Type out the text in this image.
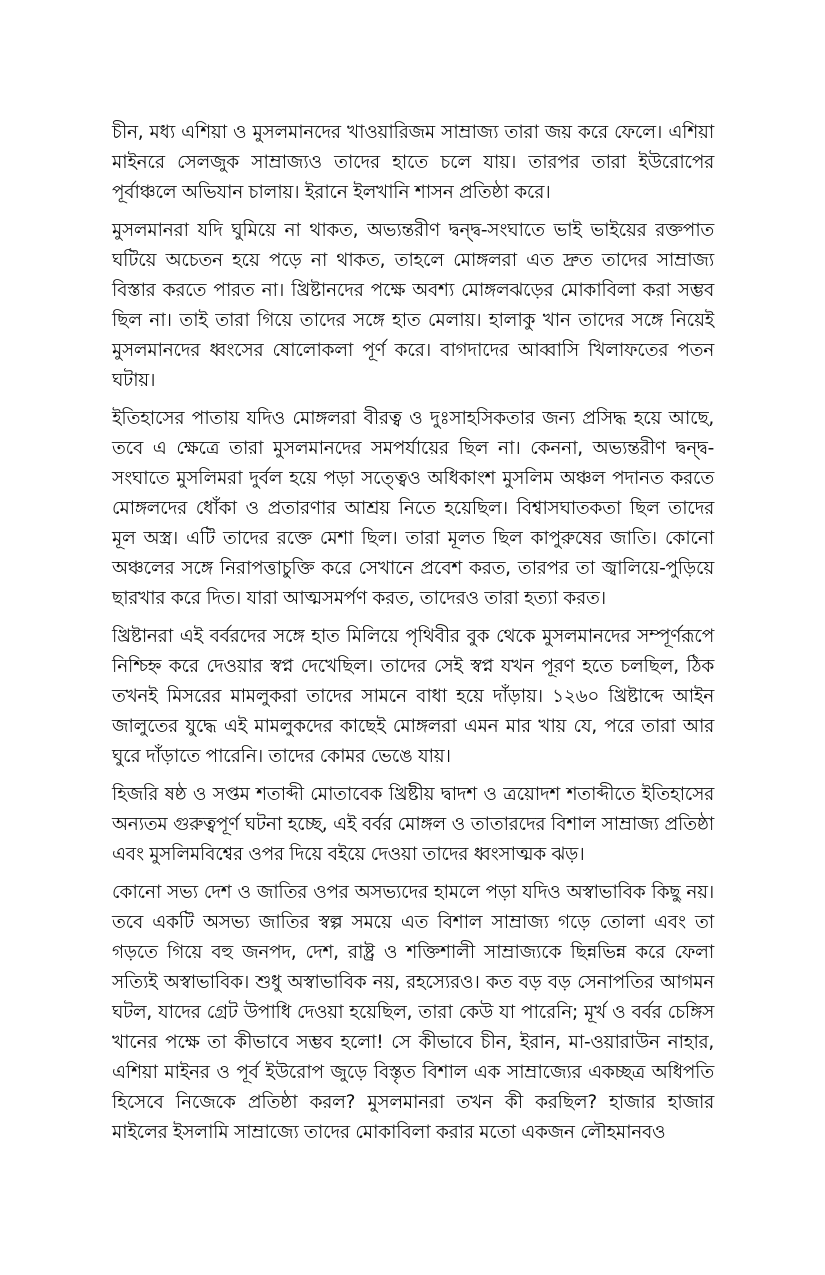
চীন, মধ্য এশিয়া ও মুসলমানদের খাওয়ারিজম সাম্রাজ্য তারা জয় করে ফেলে। এশিয়া মাইনরে সেলজুক সাম্রাজ্যও তাদের হাতে চলে যায়। তারপর তারা ইউরোপের পূর্বাঞ্চলে অভিযান চালায়। ইরানে ইলখানি শাসন প্রতিষ্ঠা করে।

মুসলমানরা যদি ঘুমিয়ে না থাকত, অভ্যন্তরীণ দ্বন্দ্ব-সংঘাতে ভাই ভাইয়ের রক্তপাত ঘটিয়ে অচেতন হয়ে পড়ে না থাকত, তাহলে মোঙ্গলরা এত দ্রুত তাদের সাম্রাজ্য বিস্তার করতে পারত না। খ্রিষ্টানদের পক্ষে অবশ্য মোঙ্গলঝড়ের মোকাবিলা করা সম্ভব ছিল না। তাই তারা গিয়ে তাদের সঙ্গে হাত মেলায়। হালাকু খান তাদের সঙ্গে নিয়েই মুসলমানদের ধ্বংসের ষোলোকলা পূর্ণ করে। বাগদাদের আব্বাসি খিলাফতের পতন ঘটায়।

ইতিহাসের পাতায় যদিও মোঙ্গলরা বীরত্ব ও দুঃসাহসিকতার জন্য প্রসিদ্ধ হয়ে আছে, তবে এ ক্ষেত্রে তারা মুসলমানদের সমপর্যায়ের ছিল না। কেননা, অভ্যন্তরীণ দ্বন্দ্ব-সংঘাতে মুসলিমরা দুর্বল হয়ে পড়া সত্ত্বেও অধিকাংশ মুসলিম অঞ্চল পদানত করতে মোঙ্গলদের ধোঁকা ও প্রতারণার আশ্রয় নিতে হয়েছিল। বিশ্বাসঘাতকতা ছিল তাদের মূল অস্ত্র। এটি তাদের রক্তে মেশা ছিল। তারা মূলত ছিল কাপুরুষের জাতি। কোনো অঞ্চলের সঙ্গে নিরাপত্তাচুক্তি করে সেখানে প্রবেশ করত, তারপর তা জ্বালিয়ে-পুড়িয়ে ছারখার করে দিত। যারা আত্মসমর্পণ করত, তাদেরও তারা হত্যা করত।

খ্রিষ্টানরা এই বর্বরদের সঙ্গে হাত মিলিয়ে পৃথিবীর বুক থেকে মুসলমানদের সম্পূর্ণরূপে নিশ্চিহ্ন করে দেওয়ার স্বপ্ন দেখেছিল। তাদের সেই স্বপ্ন যখন পূরণ হতে চলছিল, ঠিক তখনই মিসরের মামলুকরা তাদের সামনে বাধা হয়ে দাঁড়ায়। ১২৬০ খ্রিষ্টাব্দে আইন জালুতের যুদ্ধে এই মামলুকদের কাছেই মোঙ্গলরা এমন মার খায় যে, পরে তারা আর ঘুরে দাঁড়াতে পারেনি। তাদের কোমর ভেঙে যায়।

হিজরি ষষ্ঠ ও সপ্তম শতাব্দী মোতাবেক খ্রিষ্টীয় দ্বাদশ ও ত্রয়োদশ শতাব্দীতে ইতিহাসের অন্যতম গুরুত্বপূর্ণ ঘটনা হচ্ছে, এই বর্বর মোঙ্গল ও তাতারদের বিশাল সাম্রাজ্য প্রতিষ্ঠা এবং মুসলিমবিশ্বের ওপর দিয়ে বইয়ে দেওয়া তাদের ধ্বংসাত্মক ঝড়।

কোনো সভ্য দেশ ও জাতির ওপর অসভ্যদের হামলে পড়া যদিও অস্বাভাবিক কিছু নয়। তবে একটি অসভ্য জাতির স্বল্প সময়ে এত বিশাল সাম্রাজ্য গড়ে তোলা এবং তা গড়তে গিয়ে বহু জনপদ, দেশ, রাষ্ট্র ও শক্তিশালী সাম্রাজ্যকে ছিন্নভিন্ন করে ফেলা সত্যিই অস্বাভাবিক। শুধু অস্বাভাবিক নয়, রহস্যেরও। কত বড় বড় সেনাপতির আগমন ঘটল, যাদের গ্রেট উপাধি দেওয়া হয়েছিল, তারা কেউ যা পারেনি; মূর্খ ও বর্বর চেঙ্গিস খানের পক্ষে তা কীভাবে সম্ভব হলো! সে কীভাবে চীন, ইরান, মা-ওয়ারাউন নাহার, এশিয়া মাইনর ও পূর্ব ইউরোপ জুড়ে বিস্তৃত বিশাল এক সাম্রাজ্যের একচ্ছত্র অধিপতি হিসেবে নিজেকে প্রতিষ্ঠা করল? মুসলমানরা তখন কী করছিল? হাজার হাজার মাইলের ইসলামি সাম্রাজ্যে তাদের মোকাবিলা করার মতো একজন লৌহমানবও
